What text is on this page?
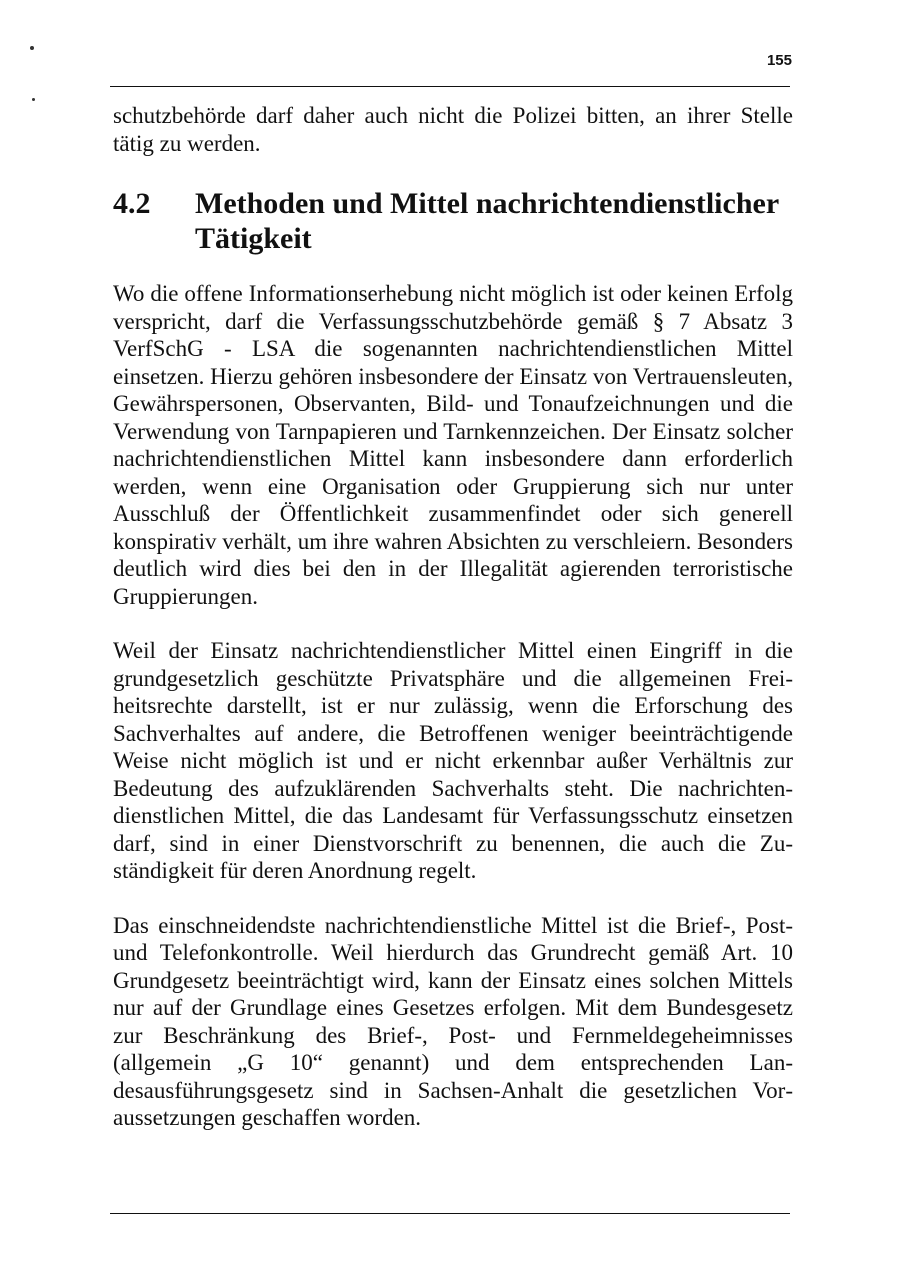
155

schutzbehörde darf daher auch nicht die Polizei bitten, an ihrer Stelle tätig zu werden.

4.2	Methoden und Mittel nachrichtendienstlicher Tätigkeit

Wo die offene Informationserhebung nicht möglich ist oder keinen Erfolg verspricht, darf die Verfassungsschutzbehörde gemäß § 7 Absatz 3 VerfSchG - LSA die sogenannten nachrichtendienstlichen Mittel einsetzen. Hierzu gehören insbesondere der Einsatz von Vertrauensleuten, Gewährspersonen, Observanten, Bild- und Tonaufzeichnungen und die Verwendung von Tarnpapieren und Tarnkennzeichen. Der Einsatz solcher nachrichtendienstlichen Mittel kann insbesondere dann erforderlich werden, wenn eine Organisation oder Gruppierung sich nur unter Ausschluß der Öffentlichkeit zusammenfindet oder sich generell konspirativ verhält, um ihre wahren Absichten zu verschleiern. Besonders deutlich wird dies bei den in der Illegalität agierenden terroristische Gruppierungen.

Weil der Einsatz nachrichtendienstlicher Mittel einen Eingriff in die grundgesetzlich geschützte Privatsphäre und die allgemeinen Freiheitsrechte darstellt, ist er nur zulässig, wenn die Erforschung des Sachverhaltes auf andere, die Betroffenen weniger beeinträchtigende Weise nicht möglich ist und er nicht erkennbar außer Verhältnis zur Bedeutung des aufzuklärenden Sachverhalts steht. Die nachrichtendienstlichen Mittel, die das Landesamt für Verfassungsschutz einsetzen darf, sind in einer Dienstvorschrift zu benennen, die auch die Zuständigkeit für deren Anordnung regelt.

Das einschneidendste nachrichtendienstliche Mittel ist die Brief-, Post- und Telefonkontrolle. Weil hierdurch das Grundrecht gemäß Art. 10 Grundgesetz beeinträchtigt wird, kann der Einsatz eines solchen Mittels nur auf der Grundlage eines Gesetzes erfolgen. Mit dem Bundesgesetz zur Beschränkung des Brief-, Post- und Fernmeldegeheimnisses (allgemein „G 10“ genannt) und dem entsprechenden Landesausführungsgesetz sind in Sachsen-Anhalt die gesetzlichen Voraussetzungen geschaffen worden.
